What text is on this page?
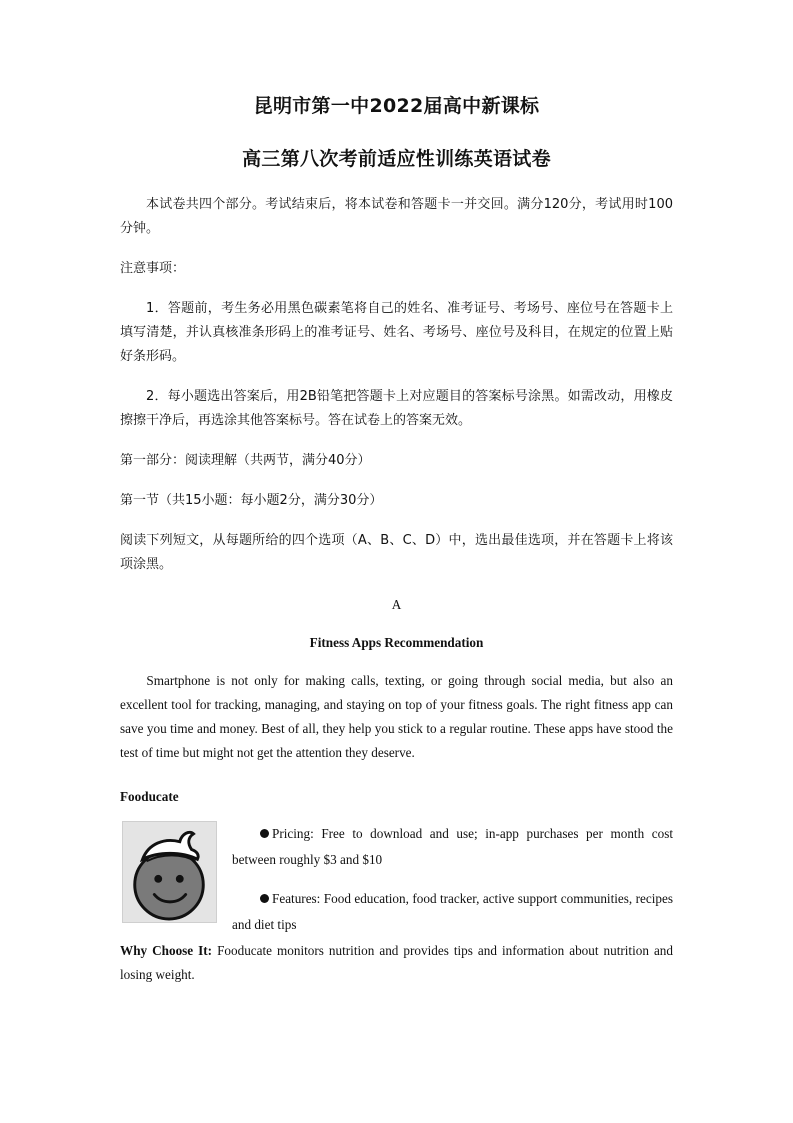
昆明市第一中2022届高中新课标
高三第八次考前适应性训练英语试卷

本试卷共四个部分。考试结束后，将本试卷和答题卡一并交回。满分120分，考试用时100分钟。

注意事项：

1．答题前，考生务必用黑色碳素笔将自己的姓名、准考证号、考场号、座位号在答题卡上填写清楚，并认真核准条形码上的准考证号、姓名、考场号、座位号及科目，在规定的位置上贴好条形码。

2．每小题选出答案后，用2B铅笔把答题卡上对应题目的答案标号涂黑。如需改动，用橡皮擦擦干净后，再选涂其他答案标号。答在试卷上的答案无效。

第一部分：阅读理解（共两节，满分40分）

第一节（共15小题：每小题2分，满分30分）

阅读下列短文，从每题所给的四个选项（A、B、C、D）中，选出最佳选项，并在答题卡上将该项涂黑。

A

Fitness Apps Recommendation

Smartphone is not only for making calls, texting, or going through social media, but also an excellent tool for tracking, managing, and staying on top of your fitness goals. The right fitness app can save you time and money. Best of all, they help you stick to a regular routine. These apps have stood the test of time but might not get the attention they deserve.

Fooducate

Pricing: Free to download and use; in-app purchases per month cost between roughly $3 and $10
Features: Food education, food tracker, active support communities, recipes and diet tips

Why Choose It: Fooducate monitors nutrition and provides tips and information about nutrition and losing weight.
